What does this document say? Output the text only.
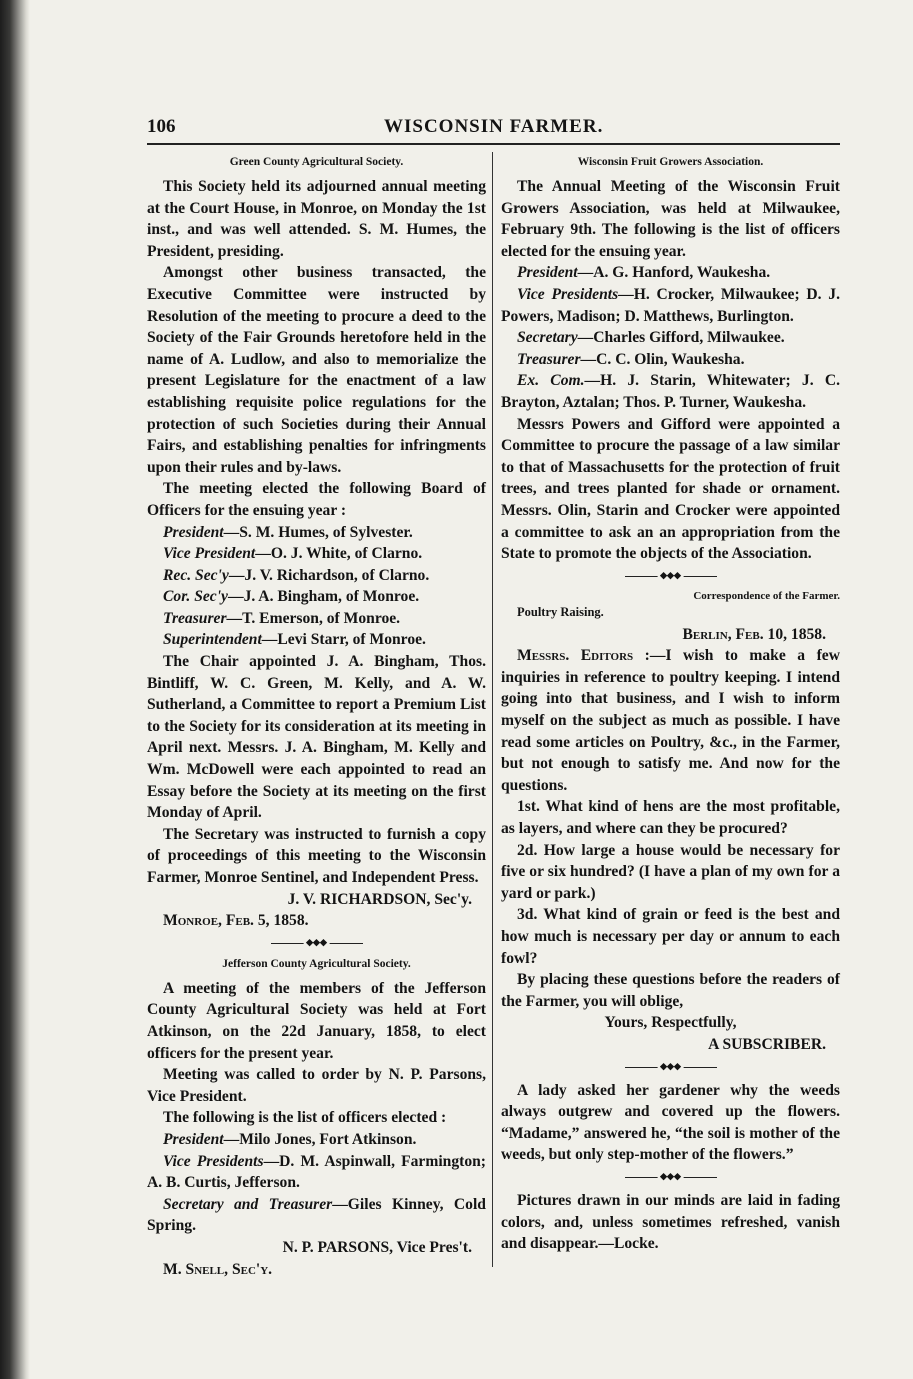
106	WISCONSIN FARMER.
Green County Agricultural Society.

This Society held its adjourned annual meeting at the Court House, in Monroe, on Monday the 1st inst., and was well attended. S. M. Humes, the President, presiding.

Amongst other business transacted, the Executive Committee were instructed by Resolution of the meeting to procure a deed to the Society of the Fair Grounds heretofore held in the name of A. Ludlow, and also to memorialize the present Legislature for the enactment of a law establishing requisite police regulations for the protection of such Societies during their Annual Fairs, and establishing penalties for infringments upon their rules and by-laws.

The meeting elected the following Board of Officers for the ensuing year :

President—S. M. Humes, of Sylvester.
Vice President—O. J. White, of Clarno.
Rec. Sec'y—J. V. Richardson, of Clarno.
Cor. Sec'y—J. A. Bingham, of Monroe.
Treasurer—T. Emerson, of Monroe.
Superintendent—Levi Starr, of Monroe.

The Chair appointed J. A. Bingham, Thos. Bintliff, W. C. Green, M. Kelly, and A. W. Sutherland, a Committee to report a Premium List to the Society for its consideration at its meeting in April next. Messrs. J. A. Bingham, M. Kelly and Wm. McDowell were each appointed to read an Essay before the Society at its meeting on the first Monday of April.

The Secretary was instructed to furnish a copy of proceedings of this meeting to the Wisconsin Farmer, Monroe Sentinel, and Independent Press.

J. V. RICHARDSON, Sec'y.
Monroe, Feb. 5, 1858.
◆◆◆
Jefferson County Agricultural Society.

A meeting of the members of the Jefferson County Agricultural Society was held at Fort Atkinson, on the 22d January, 1858, to elect officers for the present year.

Meeting was called to order by N. P. Parsons, Vice President.

The following is the list of officers elected :

President—Milo Jones, Fort Atkinson.

Vice Presidents—D. M. Aspinwall, Farmington; A. B. Curtis, Jefferson.

Secretary and Treasurer—Giles Kinney, Cold Spring.

N. P. PARSONS, Vice Pres't.
M. Snell, Sec'y.
Wisconsin Fruit Growers Association.

The Annual Meeting of the Wisconsin Fruit Growers Association, was held at Milwaukee, February 9th. The following is the list of officers elected for the ensuing year.

President—A. G. Hanford, Waukesha.

Vice Presidents—H. Crocker, Milwaukee; D. J. Powers, Madison; D. Matthews, Burlington.

Secretary—Charles Gifford, Milwaukee.
Treasurer—C. C. Olin, Waukesha.

Ex. Com.—H. J. Starin, Whitewater; J. C. Brayton, Aztalan; Thos. P. Turner, Waukesha.

Messrs Powers and Gifford were appointed a Committee to procure the passage of a law similar to that of Massachusetts for the protection of fruit trees, and trees planted for shade or ornament. Messrs. Olin, Starin and Crocker were appointed a committee to ask an an appropriation from the State to promote the objects of the Association.

◆◆◆
Correspondence of the Farmer.
Poultry Raising.
Berlin, Feb. 10, 1858.

Messrs. Editors :—I wish to make a few inquiries in reference to poultry keeping. I intend going into that business, and I wish to inform myself on the subject as much as possible. I have read some articles on Poultry, &c., in the Farmer, but not enough to satisfy me. And now for the questions.

1st. What kind of hens are the most profitable, as layers, and where can they be procured?

2d. How large a house would be necessary for five or six hundred? (I have a plan of my own for a yard or park.)

3d. What kind of grain or feed is the best and how much is necessary per day or annum to each fowl?

By placing these questions before the readers of the Farmer, you will oblige,

Yours, Respectfully,
A SUBSCRIBER.
◆◆◆

A lady asked her gardener why the weeds always outgrew and covered up the flowers. “Madame,” answered he, “the soil is mother of the weeds, but only step-mother of the flowers.”

◆◆◆

Pictures drawn in our minds are laid in fading colors, and, unless sometimes refreshed, vanish and disappear.—Locke.
